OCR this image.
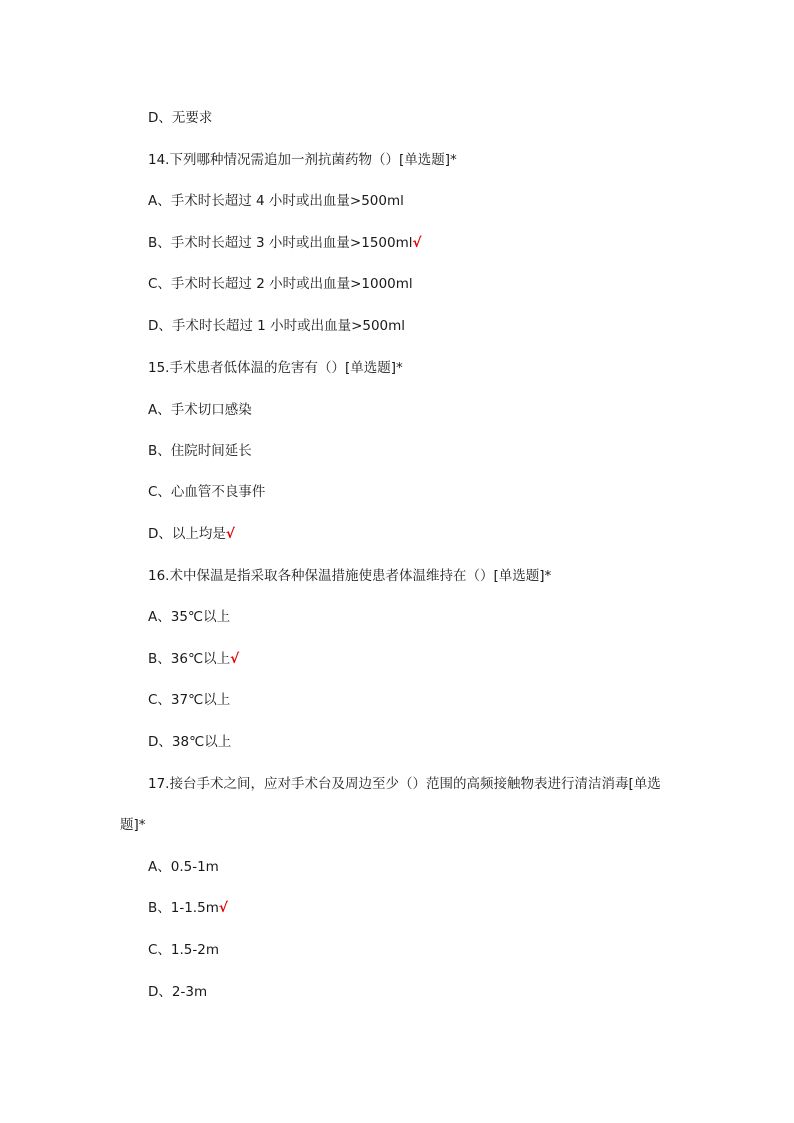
D、无要求
14.下列哪种情况需追加一剂抗菌药物（）[单选题]*
A、手术时长超过 4 小时或出血量>500ml
B、手术时长超过 3 小时或出血量>1500ml√
C、手术时长超过 2 小时或出血量>1000ml
D、手术时长超过 1 小时或出血量>500ml
15.手术患者低体温的危害有（）[单选题]*
A、手术切口感染
B、住院时间延长
C、心血管不良事件
D、以上均是√
16.术中保温是指采取各种保温措施使患者体温维持在（）[单选题]*
A、35℃以上
B、36℃以上√
C、37℃以上
D、38℃以上
17.接台手术之间，应对手术台及周边至少（）范围的高频接触物表进行清洁消毒[单选
题]*
A、0.5-1m
B、1-1.5m√
C、1.5-2m
D、2-3m
